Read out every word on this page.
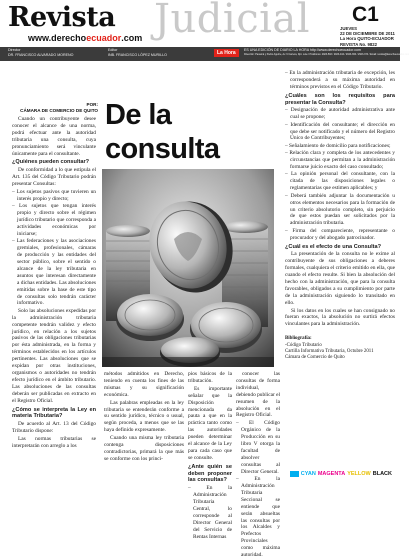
Revista Judicial
www.derecho ecuador .com
C1
JUEVES
22 DE DICIEMBRE DE 2011
La Hora QUITO-ECUADOR
REVISTA No. 9822
Director
DR. FRANCISCO ALVARADO MORENO
Editor
INB. FRANCISCO LÓPEZ MURILLO	La Hora	ES UNA EDICIÓN DE DIARIO LA HORA http://www.derechoecuador.com
Dirección: Panamá y Pedro Aguirre, Av. 6 Carrera, Dpt. Lote 3 Teléfonos: 2923-502 / 2923-444 / 2923-360 / 2923-374 / Email: revista@derechoecuador.com
POR:
CÁMARA DE COMERCIO DE QUITO De la consulta

Cuando un contribuyente desee conocer el alcance de una norma, podrá efectuar ante la autoridad tributaria una consulta, cuya pronunciamiento será vinculante únicamente para el consultante.

¿Quiénes pueden consultar?

De conformidad a lo que estipula el Art. 135 del Código Tributario podrán presentar Consultas:

– Los sujetos pasivos que tuvieren un interés propio y directo;
– Los sujetos que tengan interés propio y directo sobre el régimen jurídico tributario que corresponda a actividades económicas por iniciarse;
– Las federaciones y las asociaciones gremiales, profesionales, cámaras de producción y las entidades del sector público, sobre el sentido o alcance de la ley tributaria en asuntos que interesan directamente a dichas entidades. Las absoluciones emitidas sobre la base de este tipo de consultas solo tendrán carácter informativo.

Solo las absoluciones expedidas por la administración tributaria competente tendrán validez y efecto jurídico, en relación a los sujetos pasivos de las obligaciones tributarias por ésta administrada, en la forma y términos establecidos en los artículos pertinentes. Las absoluciones que se expidan por otras instituciones, organismos o autoridades no tendrán efecto jurídico en el ámbito tributario. Las absoluciones de las consultas deberán ser publicadas en extracto en el Registro Oficial.

¿Cómo se interpreta la Ley en materia Tributaria?

De acuerdo al Art. 13 del Código Tributario dispone:

Las normas tributarias se interpretarán con arreglo a los

métodos admitidos en Derecho, teniendo en cuenta los fines de las mismas y su significación económica.

Las palabras empleadas en la ley tributaria se entenderán conforme a su sentido jurídico, técnico o usual, según proceda, a menos que se las haya definido expresamente.

Cuando una misma ley tributaria contenga disposiciones contradictorias, primará la que más se conforme con los princi-

pios básicos de la tributación.

Es importante señalar que la Disposición mencionada da pauta a que en la práctica tanto como las autoridades pueden determinar el alcance de la Ley para cada caso que se consulte.

¿Ante quién se deben proponer las consultas?
– En la Administración Tributaria Central, lo corresponde al Director General del Servicio de Rentas Internas
– En la administración tributaria de excepción, les corresponderá a su máxima autoridad en términos previstos en el Código Tributario.
¿Cuáles son los requisitos para presentar la Consulta?
– Designación de autoridad administrativa ante cual se propone;
– Identificación del consultante; el dirección en que debe ser notificado y el número del Registro Único de Contribuyentes;
– Señalamiento de domicilio para notificaciones;
– Relación clara y completa de los antecedentes y circunstancias que permitan a la administración formarse juicio exacto del caso consultado;
– La opinión personal del consultante, con la citada de las disposiciones legales o reglamentarias que estimen aplicables; y
– Deberá también adjuntar la documentación u otros elementos necesarios para la formación de un criterio absolutorio completo, sin perjuicio de que estos puedan ser solicitados por la administración tributaria.
– Firma del compareciente, representante o procurador y del abogado patrocinador.
¿Cuál es el efecto de una Consulta?

La presentación de la consulta no le exime al contribuyente de sus obligaciones a deberes formales, cualquiera el criterio emitido en ella, que cuando el efecto resulte. Si bien la absolución del hecho con la administración, que para la consulta favorables, obligados a su cumplimiento por parte de la administración siguiendo lo transitado en ello.

Si los datos en los cuales se han consignado no fueran exactos, la absolución no surtirá efectos vinculantes para la administración.

Bibliografía:
-Código Tributario
Cartilla Informativa Tributaria, Octubre 2011
Cámara de Comercio de Quito
CYAN MAGENTA YELLOW BLACK

conocer las consultas de forma individual, debiendo publicar el resumen de la absolución en el Registro Oficial.

– El Código Orgánico de la Producción en su libro V otorga la facultad de absolver consultas al Director General.
– En la Administración Tributaria Seccional se entiende que serán absueltas las consultas por los Alcaldes y Prefectos Provinciales como máxima autoridad.
